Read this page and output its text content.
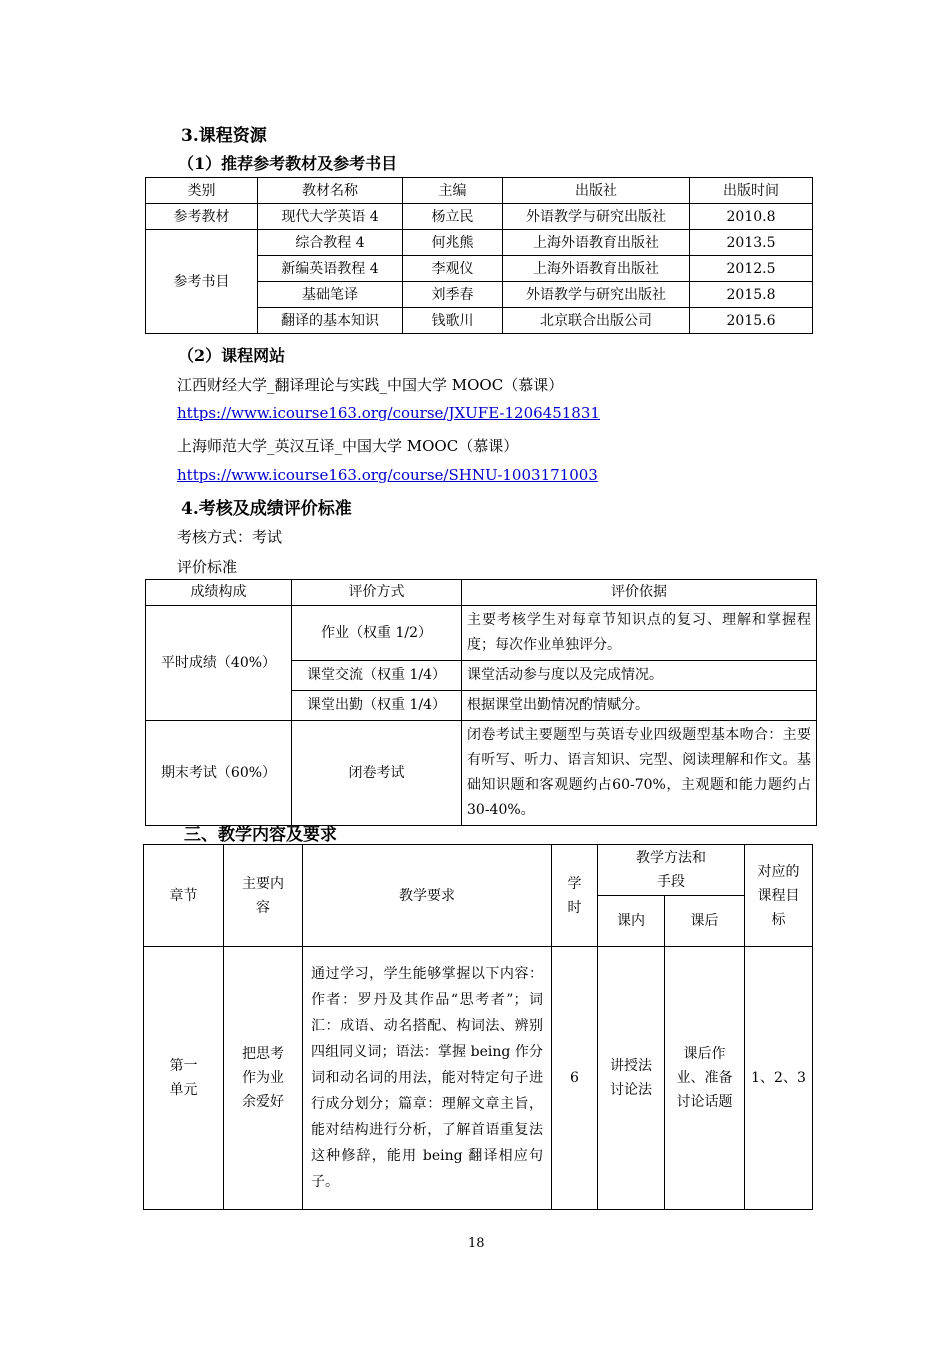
3.课程资源
（1）推荐参考教材及参考书目
类别	教材名称	主编	出版社	出版时间
参考教材	现代大学英语 4	杨立民	外语教学与研究出版社	2010.8
参考书目	综合教程 4	何兆熊	上海外语教育出版社	2013.5
	新编英语教程 4	李观仪	上海外语教育出版社	2012.5
	基础笔译	刘季春	外语教学与研究出版社	2015.8
	翻译的基本知识	钱歌川	北京联合出版公司	2015.6
（2）课程网站
江西财经大学_翻译理论与实践_中国大学 MOOC（慕课）
https://www.icourse163.org/course/JXUFE-1206451831
上海师范大学_英汉互译_中国大学 MOOC（慕课）
https://www.icourse163.org/course/SHNU-1003171003
4.考核及成绩评价标准
考核方式：考试
评价标准
成绩构成	评价方式	评价依据
平时成绩（40%）	作业（权重 1/2）	主要考核学生对每章节知识点的复习、理解和掌握程度；每次作业单独评分。
	课堂交流（权重 1/4）	课堂活动参与度以及完成情况。
	课堂出勤（权重 1/4）	根据课堂出勤情况酌情赋分。
期末考试（60%）	闭卷考试	闭卷考试主要题型与英语专业四级题型基本吻合：主要有听写、听力、语言知识、完型、阅读理解和作文。基础知识题和客观题约占60-70%，主观题和能力题约占 30-40%。
三、教学内容及要求
章节	主要内容	教学要求	学时	教学方法和手段		对应的课程目标
				课内	课后	
第一单元	把思考作为业余爱好	通过学习，学生能够掌握以下内容：作者：罗丹及其作品“思考者”；词汇：成语、动名搭配、构词法、辨别四组同义词；语法：掌握 being 作分词和动名词的用法，能对特定句子进行成分划分；篇章：理解文章主旨，能对结构进行分析，了解首语重复法这种修辞，能用 being 翻译相应句子。	6	讲授法讨论法	课后作业、准备讨论话题	1、2、3
18
